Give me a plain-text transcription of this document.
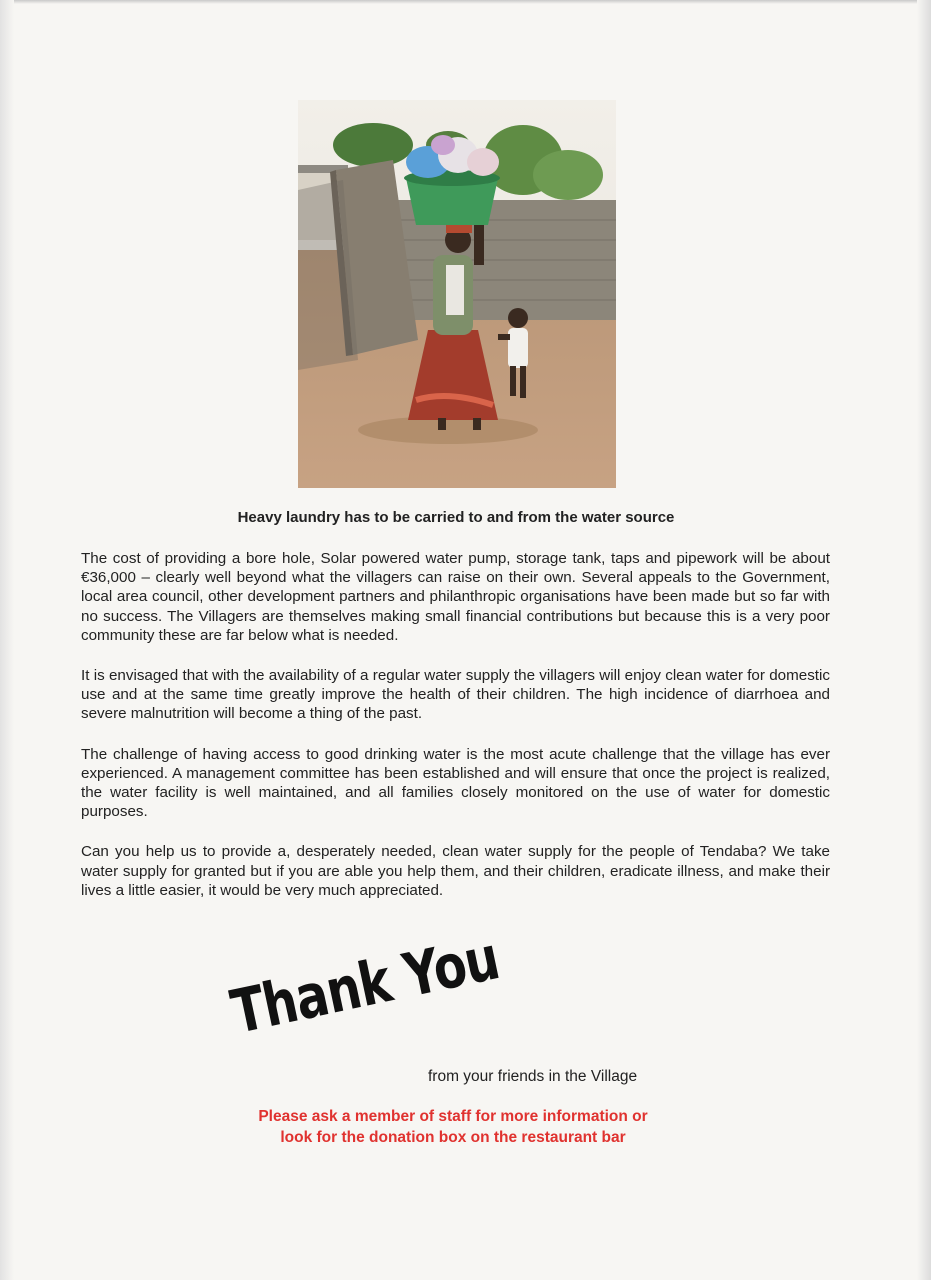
Heavy laundry has to be carried to and from the water source

The cost of providing a bore hole, Solar powered water pump, storage tank, taps and pipework will be about €36,000 – clearly well beyond what the villagers can raise on their own. Several appeals to the Government, local area council, other development partners and philanthropic organisations have been made but so far with no success. The Villagers are themselves making small financial contributions but because this is a very poor community these are far below what is needed.

It is envisaged that with the availability of a regular water supply the villagers will enjoy clean water for domestic use and at the same time greatly improve the health of their children. The high incidence of diarrhoea and severe malnutrition will become a thing of the past.

The challenge of having access to good drinking water is the most acute challenge that the village has ever experienced. A management committee has been established and will ensure that once the project is realized, the water facility is well maintained, and all families closely monitored on the use of water for domestic purposes.

Can you help us to provide a, desperately needed, clean water supply for the people of Tendaba? We take water supply for granted but if you are able you help them, and their children, eradicate illness, and make their lives a little easier, it would be very much appreciated.

Thank You
from your friends in the Village
Please ask a member of staff for more information or
look for the donation box on the restaurant bar
